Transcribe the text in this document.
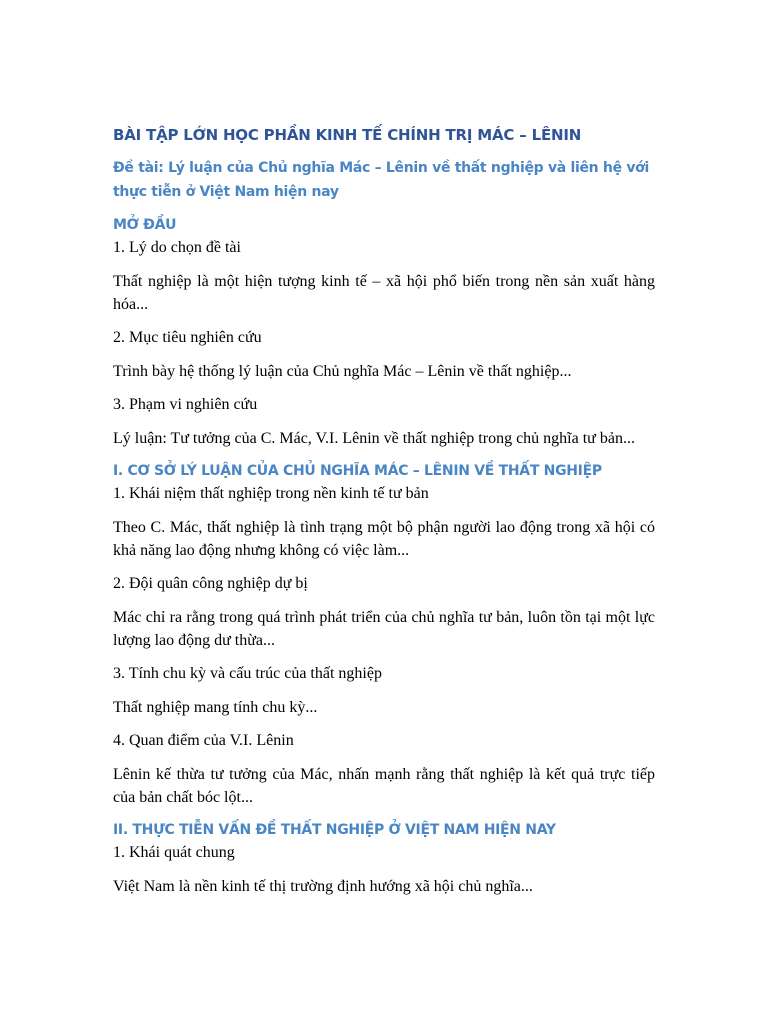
BÀI TẬP LỚN HỌC PHẦN KINH TẾ CHÍNH TRỊ MÁC – LÊNIN
Đề tài: Lý luận của Chủ nghĩa Mác – Lênin về thất nghiệp và liên hệ với thực tiễn ở Việt Nam hiện nay
MỞ ĐẦU
1. Lý do chọn đề tài
Thất nghiệp là một hiện tượng kinh tế – xã hội phổ biến trong nền sản xuất hàng hóa...
2. Mục tiêu nghiên cứu
Trình bày hệ thống lý luận của Chủ nghĩa Mác – Lênin về thất nghiệp...
3. Phạm vi nghiên cứu
Lý luận: Tư tưởng của C. Mác, V.I. Lênin về thất nghiệp trong chủ nghĩa tư bản...
I. CƠ SỞ LÝ LUẬN CỦA CHỦ NGHĨA MÁC – LÊNIN VỀ THẤT NGHIỆP
1. Khái niệm thất nghiệp trong nền kinh tế tư bản
Theo C. Mác, thất nghiệp là tình trạng một bộ phận người lao động trong xã hội có khả năng lao động nhưng không có việc làm...
2. Đội quân công nghiệp dự bị
Mác chỉ ra rằng trong quá trình phát triển của chủ nghĩa tư bản, luôn tồn tại một lực lượng lao động dư thừa...
3. Tính chu kỳ và cấu trúc của thất nghiệp
Thất nghiệp mang tính chu kỳ...
4. Quan điểm của V.I. Lênin
Lênin kế thừa tư tưởng của Mác, nhấn mạnh rằng thất nghiệp là kết quả trực tiếp của bản chất bóc lột...
II. THỰC TIỄN VẤN ĐỀ THẤT NGHIỆP Ở VIỆT NAM HIỆN NAY
1. Khái quát chung
Việt Nam là nền kinh tế thị trường định hướng xã hội chủ nghĩa...
